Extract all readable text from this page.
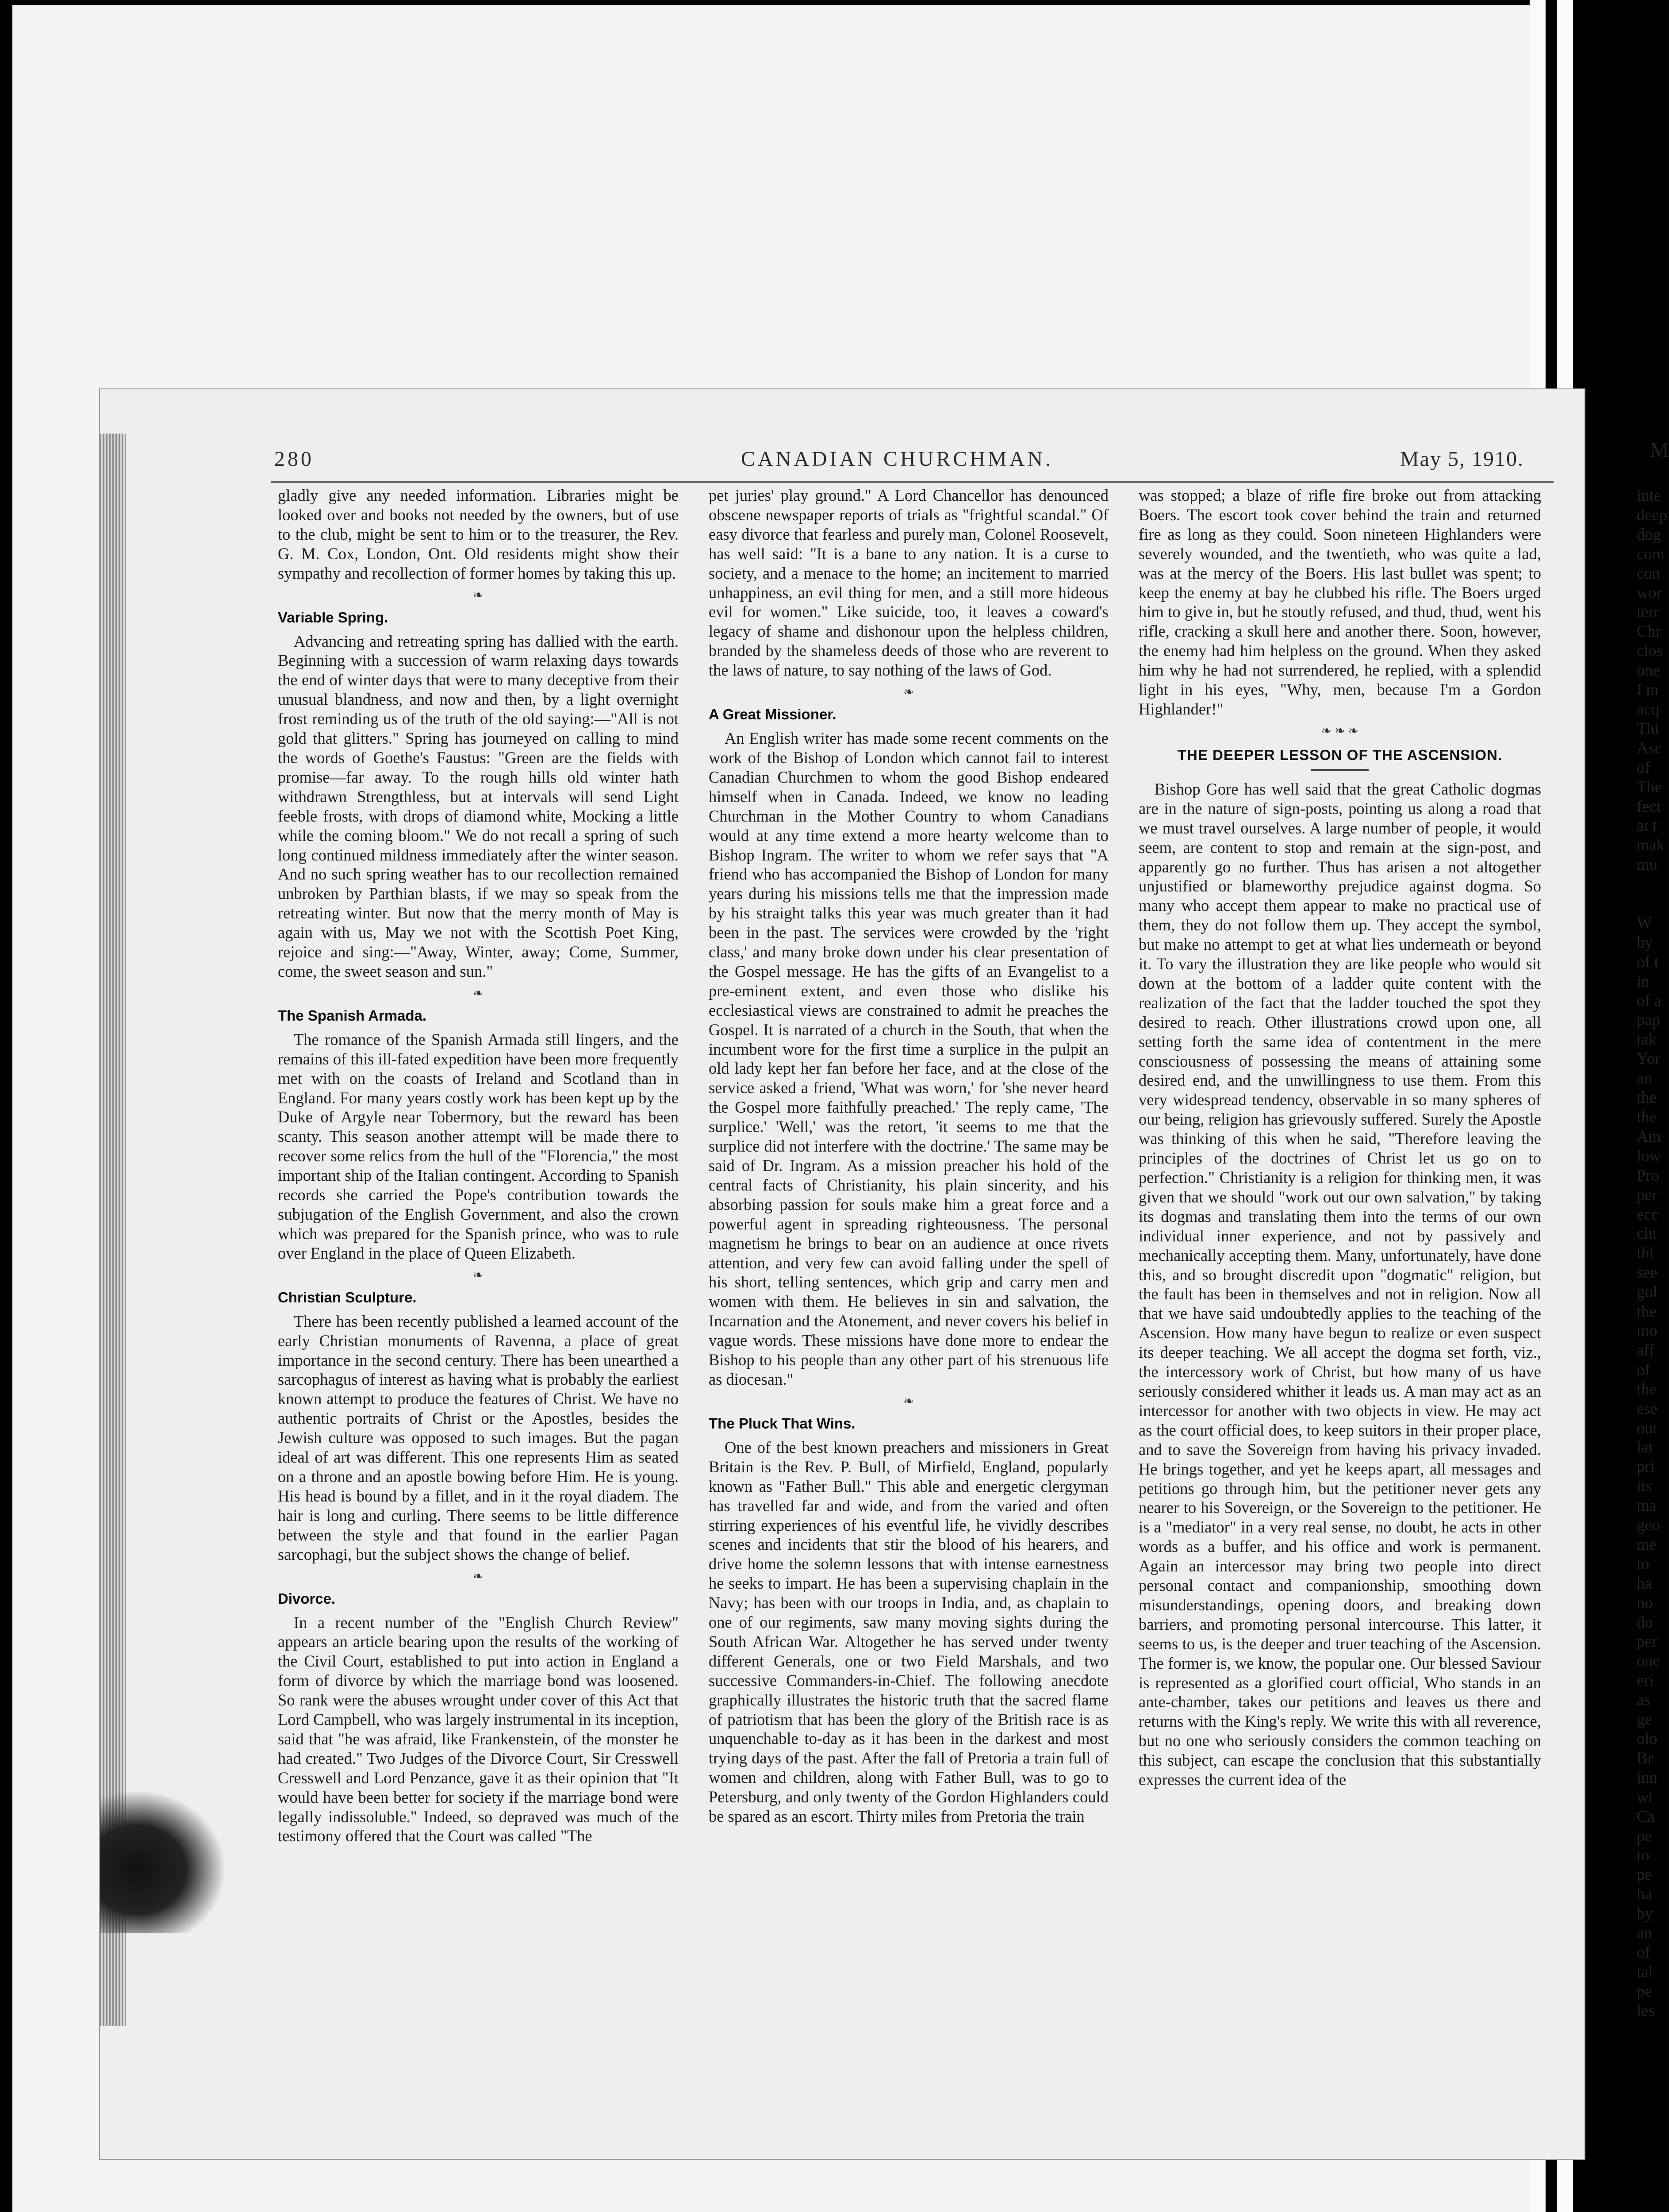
280	CANADIAN CHURCHMAN.	May 5, 1910.

gladly give any needed information. Libraries might be looked over and books not needed by the owners, but of use to the club, might be sent to him or to the treasurer, the Rev. G. M. Cox, London, Ont. Old residents might show their sympathy and recollection of former homes by taking this up.

❧
Variable Spring.

Advancing and retreating spring has dallied with the earth. Beginning with a succession of warm relaxing days towards the end of winter days that were to many deceptive from their unusual blandness, and now and then, by a light overnight frost reminding us of the truth of the old saying:—"All is not gold that glitters." Spring has journeyed on calling to mind the words of Goethe's Faustus: "Green are the fields with promise—far away. To the rough hills old winter hath withdrawn Strengthless, but at intervals will send Light feeble frosts, with drops of diamond white, Mocking a little while the coming bloom." We do not recall a spring of such long continued mildness immediately after the winter season. And no such spring weather has to our recollection remained unbroken by Parthian blasts, if we may so speak from the retreating winter. But now that the merry month of May is again with us, May we not with the Scottish Poet King, rejoice and sing:—"Away, Winter, away; Come, Summer, come, the sweet season and sun."

❧
The Spanish Armada.

The romance of the Spanish Armada still lingers, and the remains of this ill-fated expedition have been more frequently met with on the coasts of Ireland and Scotland than in England. For many years costly work has been kept up by the Duke of Argyle near Tobermory, but the reward has been scanty. This season another attempt will be made there to recover some relics from the hull of the "Florencia," the most important ship of the Italian contingent. According to Spanish records she carried the Pope's contribution towards the subjugation of the English Government, and also the crown which was prepared for the Spanish prince, who was to rule over England in the place of Queen Elizabeth.

❧
Christian Sculpture.

There has been recently published a learned account of the early Christian monuments of Ravenna, a place of great importance in the second century. There has been unearthed a sarcophagus of interest as having what is probably the earliest known attempt to produce the features of Christ. We have no authentic portraits of Christ or the Apostles, besides the Jewish culture was opposed to such images. But the pagan ideal of art was different. This one represents Him as seated on a throne and an apostle bowing before Him. He is young. His head is bound by a fillet, and in it the royal diadem. The hair is long and curling. There seems to be little difference between the style and that found in the earlier Pagan sarcophagi, but the subject shows the change of belief.

❧
Divorce.

In a recent number of the "English Church Review" appears an article bearing upon the results of the working of the Civil Court, established to put into action in England a form of divorce by which the marriage bond was loosened. So rank were the abuses wrought under cover of this Act that Lord Campbell, who was largely instrumental in its inception, said that "he was afraid, like Frankenstein, of the monster he had created." Two Judges of the Divorce Court, Sir Cresswell Cresswell and Lord Penzance, gave it as their opinion that "It would have been better for society if the marriage bond were legally indissoluble." Indeed, so depraved was much of the testimony offered that the Court was called "The

pet juries' play ground." A Lord Chancellor has denounced obscene newspaper reports of trials as "frightful scandal." Of easy divorce that fearless and purely man, Colonel Roosevelt, has well said: "It is a bane to any nation. It is a curse to society, and a menace to the home; an incitement to married unhappiness, an evil thing for men, and a still more hideous evil for women." Like suicide, too, it leaves a coward's legacy of shame and dishonour upon the helpless children, branded by the shameless deeds of those who are reverent to the laws of nature, to say nothing of the laws of God.

❧
A Great Missioner.

An English writer has made some recent comments on the work of the Bishop of London which cannot fail to interest Canadian Churchmen to whom the good Bishop endeared himself when in Canada. Indeed, we know no leading Churchman in the Mother Country to whom Canadians would at any time extend a more hearty welcome than to Bishop Ingram. The writer to whom we refer says that "A friend who has accompanied the Bishop of London for many years during his missions tells me that the impression made by his straight talks this year was much greater than it had been in the past. The services were crowded by the 'right class,' and many broke down under his clear presentation of the Gospel message. He has the gifts of an Evangelist to a pre-eminent extent, and even those who dislike his ecclesiastical views are constrained to admit he preaches the Gospel. It is narrated of a church in the South, that when the incumbent wore for the first time a surplice in the pulpit an old lady kept her fan before her face, and at the close of the service asked a friend, 'What was worn,' for 'she never heard the Gospel more faithfully preached.' The reply came, 'The surplice.' 'Well,' was the retort, 'it seems to me that the surplice did not interfere with the doctrine.' The same may be said of Dr. Ingram. As a mission preacher his hold of the central facts of Christianity, his plain sincerity, and his absorbing passion for souls make him a great force and a powerful agent in spreading righteousness. The personal magnetism he brings to bear on an audience at once rivets attention, and very few can avoid falling under the spell of his short, telling sentences, which grip and carry men and women with them. He believes in sin and salvation, the Incarnation and the Atonement, and never covers his belief in vague words. These missions have done more to endear the Bishop to his people than any other part of his strenuous life as diocesan."

❧
The Pluck That Wins.

One of the best known preachers and missioners in Great Britain is the Rev. P. Bull, of Mirfield, England, popularly known as "Father Bull." This able and energetic clergyman has travelled far and wide, and from the varied and often stirring experiences of his eventful life, he vividly describes scenes and incidents that stir the blood of his hearers, and drive home the solemn lessons that with intense earnestness he seeks to impart. He has been a supervising chaplain in the Navy; has been with our troops in India, and, as chaplain to one of our regiments, saw many moving sights during the South African War. Altogether he has served under twenty different Generals, one or two Field Marshals, and two successive Commanders-in-Chief. The following anecdote graphically illustrates the historic truth that the sacred flame of patriotism that has been the glory of the British race is as unquenchable to-day as it has been in the darkest and most trying days of the past. After the fall of Pretoria a train full of women and children, along with Father Bull, was to go to Petersburg, and only twenty of the Gordon Highlanders could be spared as an escort. Thirty miles from Pretoria the train

was stopped; a blaze of rifle fire broke out from attacking Boers. The escort took cover behind the train and returned fire as long as they could. Soon nineteen Highlanders were severely wounded, and the twentieth, who was quite a lad, was at the mercy of the Boers. His last bullet was spent; to keep the enemy at bay he clubbed his rifle. The Boers urged him to give in, but he stoutly refused, and thud, thud, went his rifle, cracking a skull here and another there. Soon, however, the enemy had him helpless on the ground. When they asked him why he had not surrendered, he replied, with a splendid light in his eyes, "Why, men, because I'm a Gordon Highlander!"

❧ ❧ ❧
THE DEEPER LESSON OF THE ASCENSION.

Bishop Gore has well said that the great Catholic dogmas are in the nature of sign-posts, pointing us along a road that we must travel ourselves. A large number of people, it would seem, are content to stop and remain at the sign-post, and apparently go no further. Thus has arisen a not altogether unjustified or blameworthy prejudice against dogma. So many who accept them appear to make no practical use of them, they do not follow them up. They accept the symbol, but make no attempt to get at what lies underneath or beyond it. To vary the illustration they are like people who would sit down at the bottom of a ladder quite content with the realization of the fact that the ladder touched the spot they desired to reach. Other illustrations crowd upon one, all setting forth the same idea of contentment in the mere consciousness of possessing the means of attaining some desired end, and the unwillingness to use them. From this very widespread tendency, observable in so many spheres of our being, religion has grievously suffered. Surely the Apostle was thinking of this when he said, "Therefore leaving the principles of the doctrines of Christ let us go on to perfection." Christianity is a religion for thinking men, it was given that we should "work out our own salvation," by taking its dogmas and translating them into the terms of our own individual inner experience, and not by passively and mechanically accepting them. Many, unfortunately, have done this, and so brought discredit upon "dogmatic" religion, but the fault has been in themselves and not in religion. Now all that we have said undoubtedly applies to the teaching of the Ascension. How many have begun to realize or even suspect its deeper teaching. We all accept the dogma set forth, viz., the intercessory work of Christ, but how many of us have seriously considered whither it leads us. A man may act as an intercessor for another with two objects in view. He may act as the court official does, to keep suitors in their proper place, and to save the Sovereign from having his privacy invaded. He brings together, and yet he keeps apart, all messages and petitions go through him, but the petitioner never gets any nearer to his Sovereign, or the Sovereign to the petitioner. He is a "mediator" in a very real sense, no doubt, he acts in other words as a buffer, and his office and work is permanent. Again an intercessor may bring two people into direct personal contact and companionship, smoothing down misunderstandings, opening doors, and breaking down barriers, and promoting personal intercourse. This latter, it seems to us, is the deeper and truer teaching of the Ascension. The former is, we know, the popular one. Our blessed Saviour is represented as a glorified court official, Who stands in an ante-chamber, takes our petitions and leaves us there and returns with the King's reply. We write this with all reverence, but no one who seriously considers the common teaching on this subject, can escape the conclusion that this substantially expresses the current idea of the

inte
deep
dog
com
con
wor
terr
Chr
clos
one
I m
acq
Thi
Asc
of
The
fect
at t
mak
mu

W
by
of t
in
of a
pap
tak
Yor
an
the
the
Am
low
Pro
per
ecc
clu
thi
see
gol
the
mo
aff
of
the
ese
out
lat
pri
its
ma
geo
me
to
ha
no
do
per
one
eri
as
ge
olo
Br
inn
wi
Ca
pe
to
pe
ha
by
an
of
tal
pe
les
M
